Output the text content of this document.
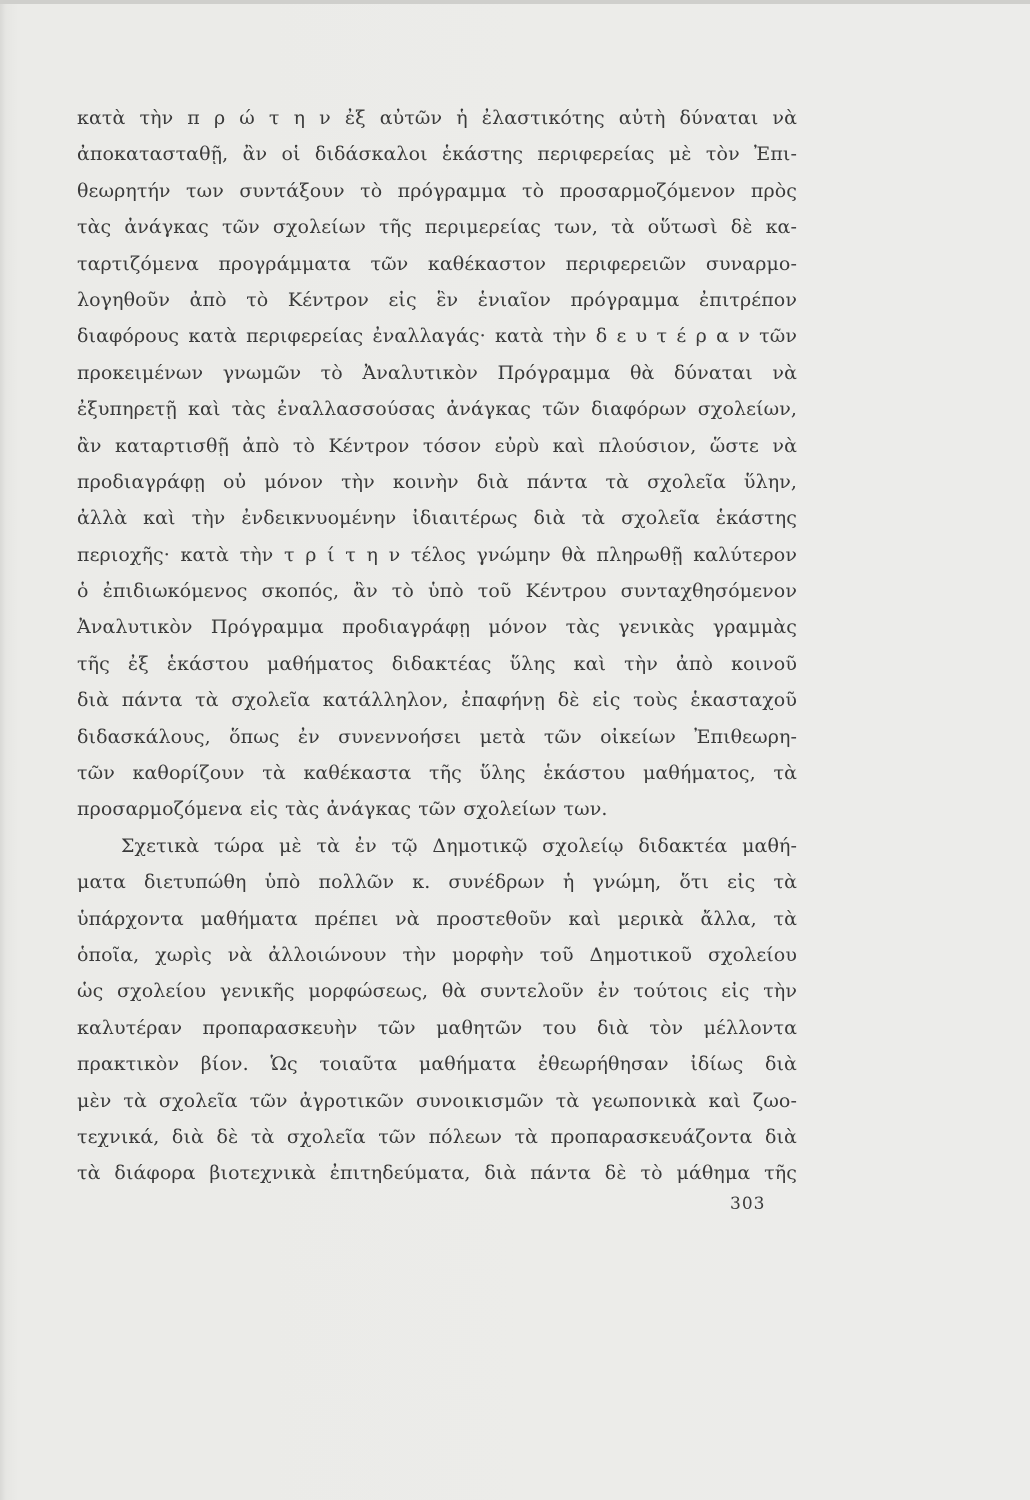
κατὰ τὴν π ρ ώ τ η ν ἐξ αὐτῶν ἡ ἐλαστικότης αὐτὴ δύναται νὰ
ἀποκατασταθῇ, ἂν οἱ διδάσκαλοι ἑκάστης περιφερείας μὲ τὸν Ἐπι-
θεωρητήν των συντάξουν τὸ πρόγραμμα τὸ προσαρμοζόμενον πρὸς
τὰς ἀνάγκας τῶν σχολείων τῆς περιμερείας των, τὰ οὕτωσὶ δὲ κα-
ταρτιζόμενα προγράμματα τῶν καθέκαστον περιφερειῶν συναρμο-
λογηθοῦν ἀπὸ τὸ Κέντρον εἰς ἓν ἑνιαῖον πρόγραμμα ἐπιτρέπον
διαφόρους κατὰ περιφερείας ἐναλλαγάς· κατὰ τὴν δ ε υ τ έ ρ α ν τῶν
προκειμένων γνωμῶν τὸ Ἀναλυτικὸν Πρόγραμμα θὰ δύναται νὰ
ἐξυπηρετῇ καὶ τὰς ἐναλλασσούσας ἀνάγκας τῶν διαφόρων σχολείων,
ἂν καταρτισθῇ ἀπὸ τὸ Κέντρον τόσον εὐρὺ καὶ πλούσιον, ὥστε νὰ
προδιαγράφῃ οὐ μόνον τὴν κοινὴν διὰ πάντα τὰ σχολεῖα ὕλην,
ἀλλὰ καὶ τὴν ἐνδεικνυομένην ἰδιαιτέρως διὰ τὰ σχολεῖα ἑκάστης
περιοχῆς· κατὰ τὴν τ ρ ί τ η ν τέλος γνώμην θὰ πληρωθῇ καλύτερον
ὁ ἐπιδιωκόμενος σκοπός, ἂν τὸ ὑπὸ τοῦ Κέντρου συνταχθησόμενον
Ἀναλυτικὸν Πρόγραμμα προδιαγράφῃ μόνον τὰς γενικὰς γραμμὰς
τῆς ἐξ ἑκάστου μαθήματος διδακτέας ὕλης καὶ τὴν ἀπὸ κοινοῦ
διὰ πάντα τὰ σχολεῖα κατάλληλον, ἐπαφήνῃ δὲ εἰς τοὺς ἑκασταχοῦ
διδασκάλους, ὅπως ἐν συνεννοήσει μετὰ τῶν οἰκείων Ἐπιθεωρη-
τῶν καθορίζουν τὰ καθέκαστα τῆς ὕλης ἑκάστου μαθήματος, τὰ
προσαρμοζόμενα εἰς τὰς ἀνάγκας τῶν σχολείων των.
Σχετικὰ τώρα μὲ τὰ ἐν τῷ Δημοτικῷ σχολείῳ διδακτέα μαθή-
ματα διετυπώθη ὑπὸ πολλῶν κ. συνέδρων ἡ γνώμη, ὅτι εἰς τὰ
ὑπάρχοντα μαθήματα πρέπει νὰ προστεθοῦν καὶ μερικὰ ἄλλα, τὰ
ὁποῖα, χωρὶς νὰ ἀλλοιώνουν τὴν μορφὴν τοῦ Δημοτικοῦ σχολείου
ὡς σχολείου γενικῆς μορφώσεως, θὰ συντελοῦν ἐν τούτοις εἰς τὴν
καλυτέραν προπαρασκευὴν τῶν μαθητῶν του διὰ τὸν μέλλοντα
πρακτικὸν βίον. Ὡς τοιαῦτα μαθήματα ἐθεωρήθησαν ἰδίως διὰ
μὲν τὰ σχολεῖα τῶν ἀγροτικῶν συνοικισμῶν τὰ γεωπονικὰ καὶ ζωο-
τεχνικά, διὰ δὲ τὰ σχολεῖα τῶν πόλεων τὰ προπαρασκευάζοντα διὰ
τὰ διάφορα βιοτεχνικὰ ἐπιτηδεύματα, διὰ πάντα δὲ τὸ μάθημα τῆς
303
